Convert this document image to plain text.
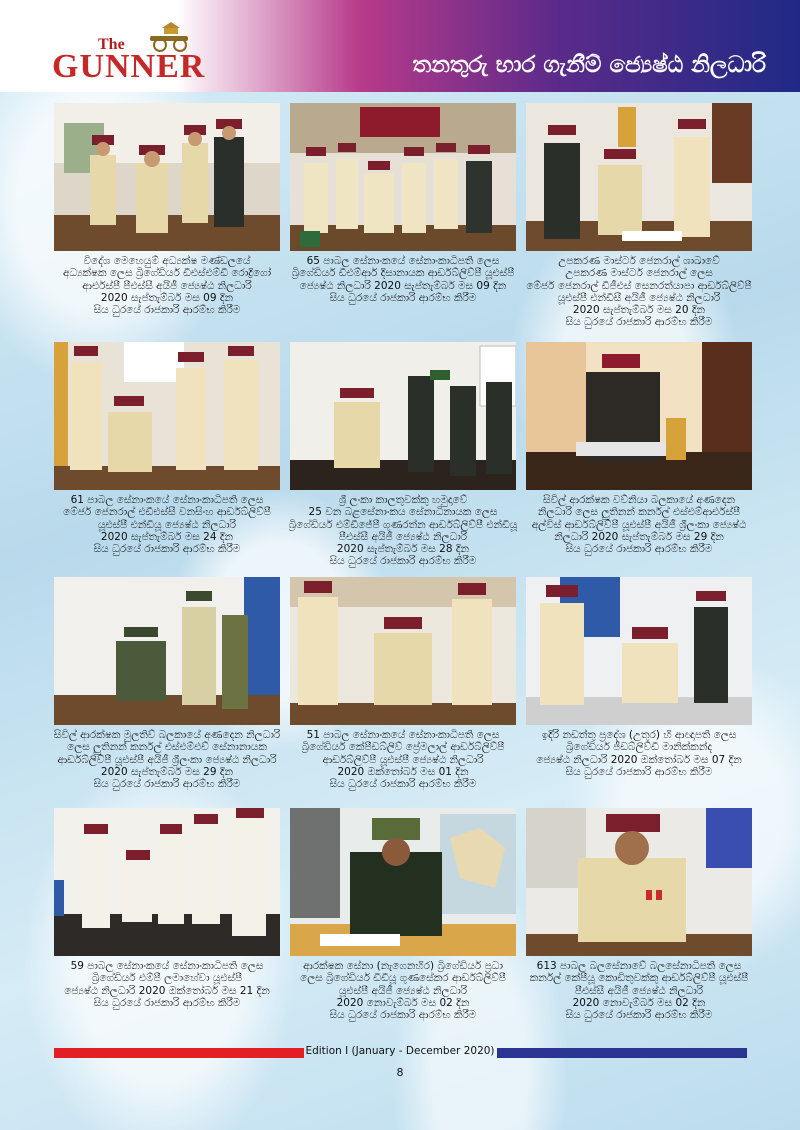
The
GUNNER	තනතුරු භාර ගැනීම් ජ්‍යෙෂ්ඨ නිලධාරි
විදේශ මෙහෙයුම් අධ්‍යක්ෂ මණ්ඩලයේ
අධ්‍යක්ෂක ලෙස බ්‍රිගේඩියර් ඩීඑස්එම්ඩී රොද්‍රිගෝ
ආර්එස්පී පීඑස්සී අයිජී ජ්‍යෙෂ්ඨ නිලධාරි
2020 සැප්තැම්බර් මස 09 දින
සිය ධුරයේ රාජකාරි ආරම්භ කිරීම
65 පාබල සේනාංකයේ සේනාංකාධිපති ලෙස
බ්‍රිගේඩියර් ඩීඑම්ආර් දිසානායක ආර්ඩබ්ලිව්පී යූඑස්පී
ජ්‍යෙෂ්ඨ නිලධාරි 2020 සැප්තැම්බර් මස 09 දින
සිය ධුරයේ රාජකාරි ආරම්භ කිරීම
උපකරණ මාස්ටර් ජෙනරාල් ශාඛාවේ
උපකරණ මාස්ටර් ජෙනරාල් ලෙස
මේජර් ජෙනරාල් ඩීජීඑස් සෙනරත්යාපා ආර්ඩබ්ලිව්පී
යූඑස්පී එන්ඩීසී අයිජී ජ්‍යෙෂ්ඨ නිලධාරි
2020 සැප්තැම්බර් මස 20 දින
සිය ධුරයේ රාජකාරි ආරම්භ කිරීම
61 පාබල සේනාංකයේ සේනාංකාධිපති ලෙස
මේජර් ජෙනරාල් එඩීඑස්සී වනසිංහ ආර්ඩබ්ලිව්පී
යූඑස්පී එන්ඩීයූ ජ්‍යෙෂ්ඨ නිලධාරි
2020 සැප්තැම්බර් මස 24 දින
සිය ධුරයේ රාජකාරි ආරම්භ කිරීම
ශ්‍රී ලංකා කාලතුවක්කු හමුදාවේ
25 වන බළසේනාංකය සේනාධිනායක ලෙස
බ්‍රිගේඩියර් එම්ඩීජේපී ගුණරත්න ආර්ඩබ්ලිව්පී එන්ඩීයූ
පීඑස්සී අයිජී ජ්‍යෙෂ්ඨ නිලධාරි
2020 සැප්තැම්බර් මස 28 දින
සිය ධුරයේ රාජකාරි ආරම්භ කිරීම
සිවිල් ආරක්ෂක වව්නියා බලකායේ අණදෙන
නිලධාරි ලෙස ලුතිනන් කර්නල් එස්එම්ආර්එස්පී
අල්විස් ආර්ඩබ්ලිව්පී යූඑස්පී අයිජී ශ්‍රීලංකා ජ්‍යෙෂ්ඨ
නිලධාරි 2020 සැප්තැම්බර් මස 29 දින
සිය ධුරයේ රාජකාරි ආරම්භ කිරීම
සිවිල් ආරක්ෂක මුලතිව් බලකායේ අණදෙන නිලධාරි
ලෙස ලුතිනන් කර්නල් එස්එම්එච් සේනානායක
ආර්ඩබ්ලිව්පී යූඑස්පී අයිජී ශ්‍රීලංකා ජ්‍යෙෂ්ඨ නිලධාරි
2020 සැප්තැම්බර් මස 29 දින
සිය ධුරයේ රාජකාරි ආරම්භ කිරීම
51 පාබල සේනාංකයේ සේනාංකාධිපති ලෙස
බ්‍රිගේඩියර් කේපීඩබ්ලිව් ප්‍රේමලාල් ආර්ඩබ්ලිව්පී
ආර්ඩබ්ලිව්පී යූඑස්පී ජ්‍යෙෂ්ඨ නිලධාරි
2020 ඔක්තෝබර් මස 01 දින
සිය ධුරයේ රාජකාරි ආරම්භ කිරීම
ඉදිරි නඩත්තු ප්‍රදේශ (උතුර) හි ආඥාපති ලෙස
බ්‍රිගේඩියර් ජීඩබ්ලිව්ඩී මානික්කන්ද
ජ්‍යෙෂ්ඨ නිලධාරි 2020 ඔක්තෝබර් මස 07 දින
සිය ධුරයේ රාජකාරි ආරම්භ කිරීම
59 පාබල සේනාංකයේ සේනාංකාධිපති ලෙස
බ්‍රිගේඩියර් එම්පී ලමාහේවා යූඑස්පී
ජ්‍යෙෂ්ඨ නිලධාරි 2020 ඔක්තෝබර් මස 21 දින
සිය ධුරයේ රාජකාරි ආරම්භ කිරීම
ආරක්ෂක සේනා (නැගෙනහිර) බ්‍රිගේඩියර් ප්‍රධා
ලෙස බ්‍රිගේඩියර් ඩීඩීයූ ගුණසේකර ආර්ඩබ්ලිව්පී
යූඑස්පී අයිජී ජ්‍යෙෂ්ඨ නිලධාරි
2020 නොවැම්බර් මස 02 දින
සිය ධුරයේ රාජකාරි ආරම්භ කිරීම
613 පාබල බලසේනාවේ බලසේනාධිපති ලෙස
කර්නල් කේපීයූ කොඩිතුවක්කු ආර්ඩබ්ලිව්පී යූඑස්පී
පීඑස්සී අයිජී ජ්‍යෙෂ්ඨ නිලධාරි
2020 නොවැම්බර් මස 02 දින
සිය ධුරයේ රාජකාරි ආරම්භ කිරීම
Edition I (January - December 2020)
8
